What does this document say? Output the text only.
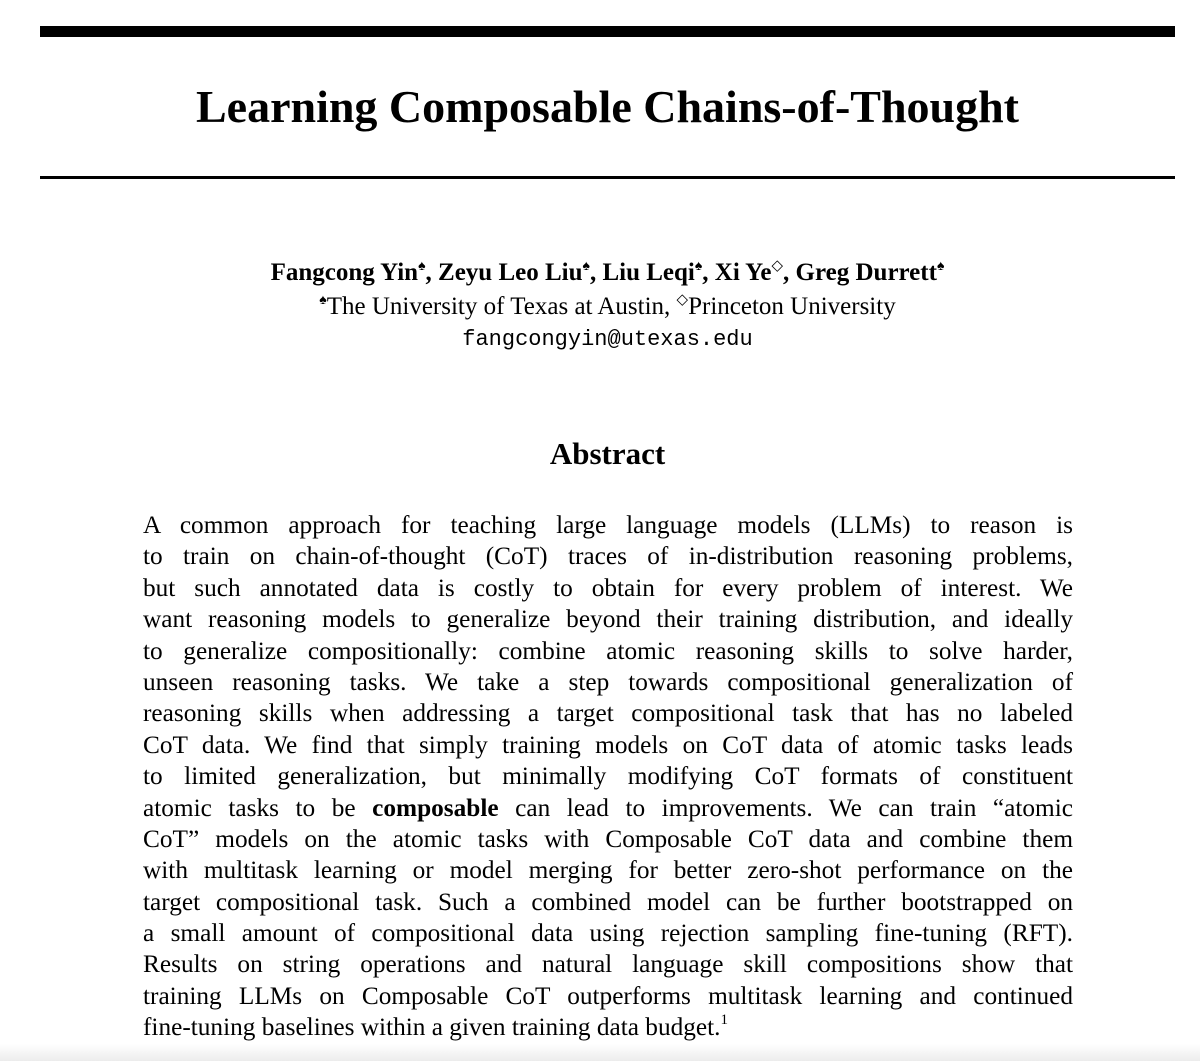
Learning Composable Chains-of-Thought
Fangcong Yin♠, Zeyu Leo Liu♠, Liu Leqi♠, Xi Ye◇, Greg Durrett♠
♠The University of Texas at Austin, ◇Princeton University
fangcongyin@utexas.edu
Abstract
A common approach for teaching large language models (LLMs) to reason is
to train on chain-of-thought (CoT) traces of in-distribution reasoning problems,
but such annotated data is costly to obtain for every problem of interest. We
want reasoning models to generalize beyond their training distribution, and ideally
to generalize compositionally: combine atomic reasoning skills to solve harder,
unseen reasoning tasks. We take a step towards compositional generalization of
reasoning skills when addressing a target compositional task that has no labeled
CoT data. We find that simply training models on CoT data of atomic tasks leads
to limited generalization, but minimally modifying CoT formats of constituent
atomic tasks to be composable can lead to improvements. We can train “atomic
CoT” models on the atomic tasks with Composable CoT data and combine them
with multitask learning or model merging for better zero-shot performance on the
target compositional task. Such a combined model can be further bootstrapped on
a small amount of compositional data using rejection sampling fine-tuning (RFT).
Results on string operations and natural language skill compositions show that
training LLMs on Composable CoT outperforms multitask learning and continued
fine-tuning baselines within a given training data budget.$^1$
